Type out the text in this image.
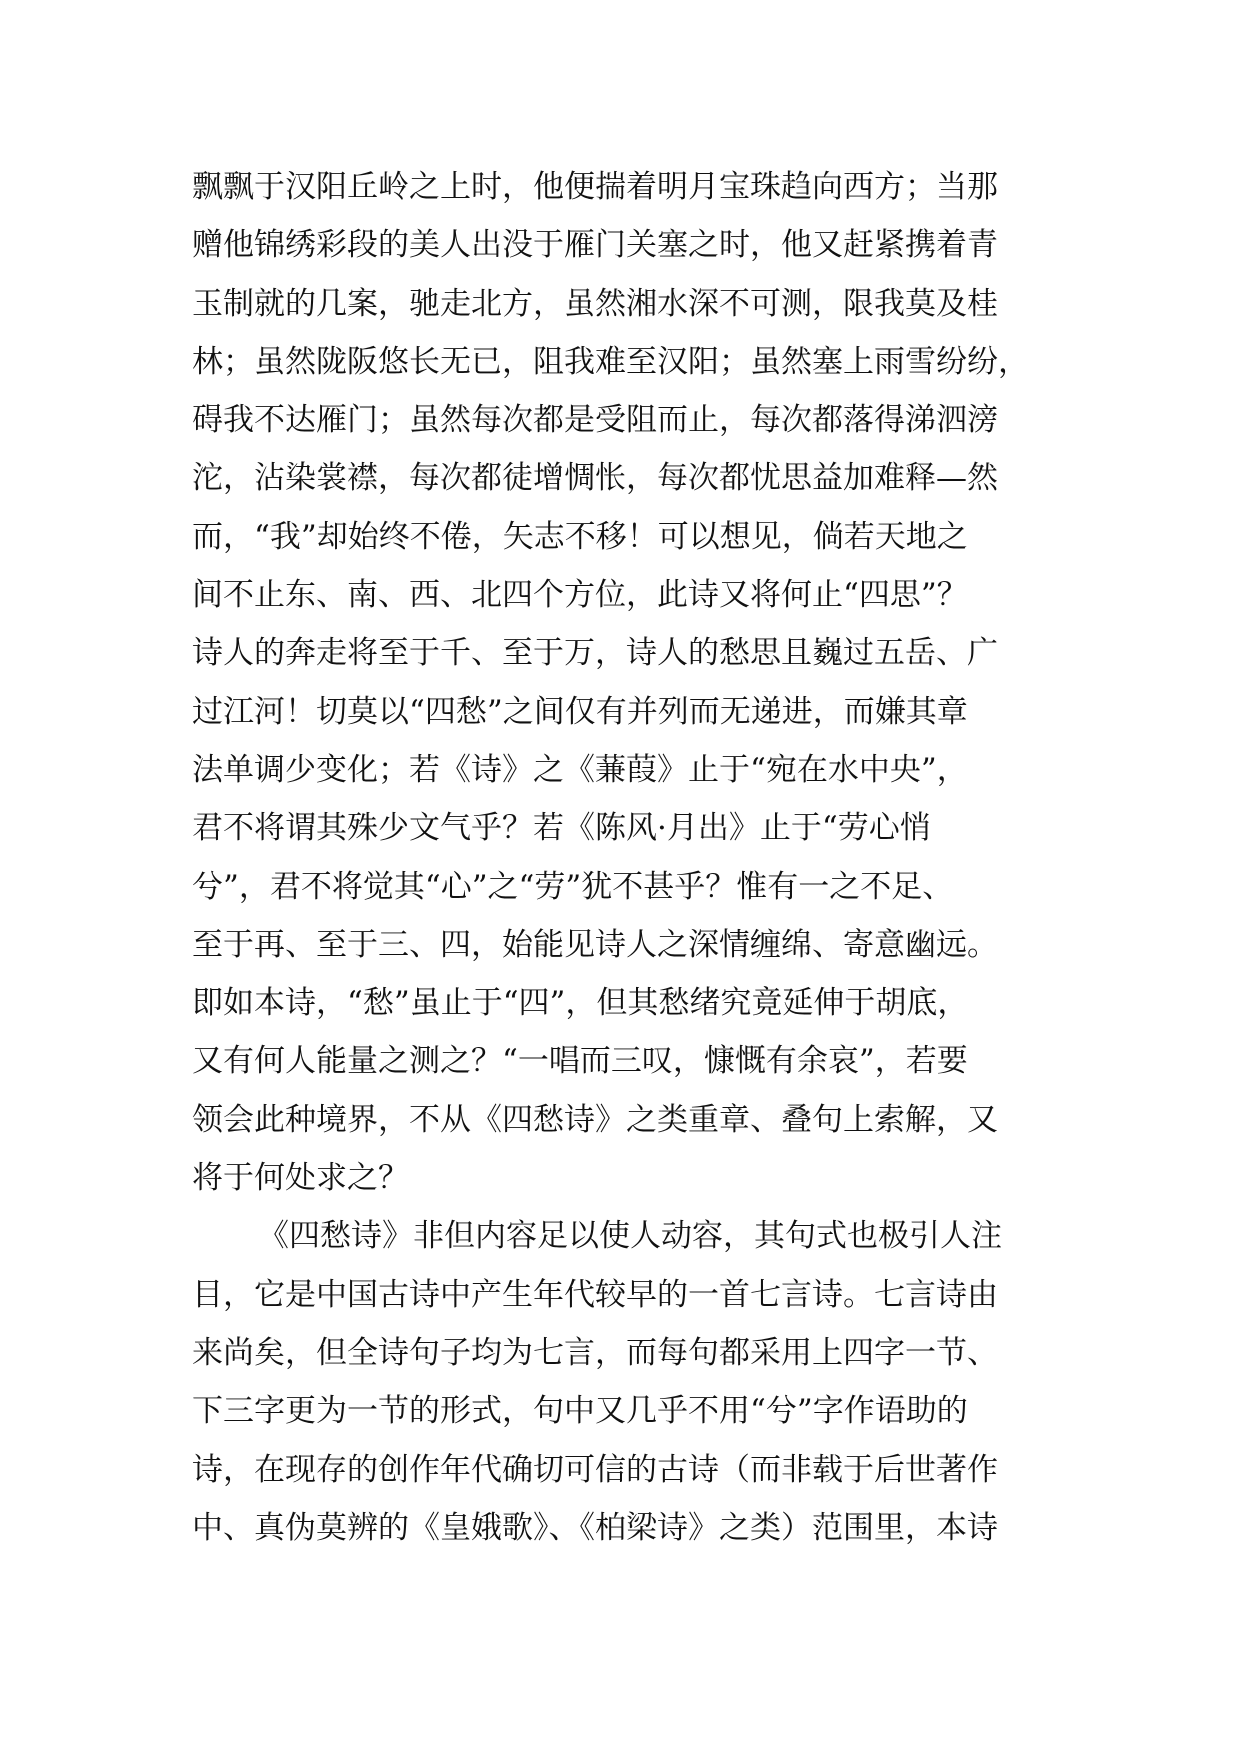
飘飘于汉阳丘岭之上时，他便揣着明月宝珠趋向西方；当那
赠他锦绣彩段的美人出没于雁门关塞之时，他又赶紧携着青
玉制就的几案，驰走北方，虽然湘水深不可测，限我莫及桂
林；虽然陇阪悠长无已，阻我难至汉阳；虽然塞上雨雪纷纷，
碍我不达雁门；虽然每次都是受阻而止，每次都落得涕泗滂
沱，沾染裳襟，每次都徒增惆怅，每次都忧思益加难释—然
而，“我”却始终不倦，矢志不移！可以想见，倘若天地之
间不止东、南、西、北四个方位，此诗又将何止“四思”？
诗人的奔走将至于千、至于万，诗人的愁思且巍过五岳、广
过江河！切莫以“四愁”之间仅有并列而无递进，而嫌其章
法单调少变化；若《诗》之《蒹葭》止于“宛在水中央”，
君不将谓其殊少文气乎？若《陈风·月出》止于“劳心悄
兮”，君不将觉其“心”之“劳”犹不甚乎？惟有一之不足、
至于再、至于三、四，始能见诗人之深情缠绵、寄意幽远。
即如本诗，“愁”虽止于“四”，但其愁绪究竟延伸于胡底，
又有何人能量之测之？“一唱而三叹，慷慨有余哀”，若要
领会此种境界，不从《四愁诗》之类重章、叠句上索解，又
将于何处求之？
《四愁诗》非但内容足以使人动容，其句式也极引人注
目，它是中国古诗中产生年代较早的一首七言诗。七言诗由
来尚矣，但全诗句子均为七言，而每句都采用上四字一节、
下三字更为一节的形式，句中又几乎不用“兮”字作语助的
诗，在现存的创作年代确切可信的古诗（而非载于后世著作
中、真伪莫辨的《皇娥歌》、《柏梁诗》之类）范围里，本诗
